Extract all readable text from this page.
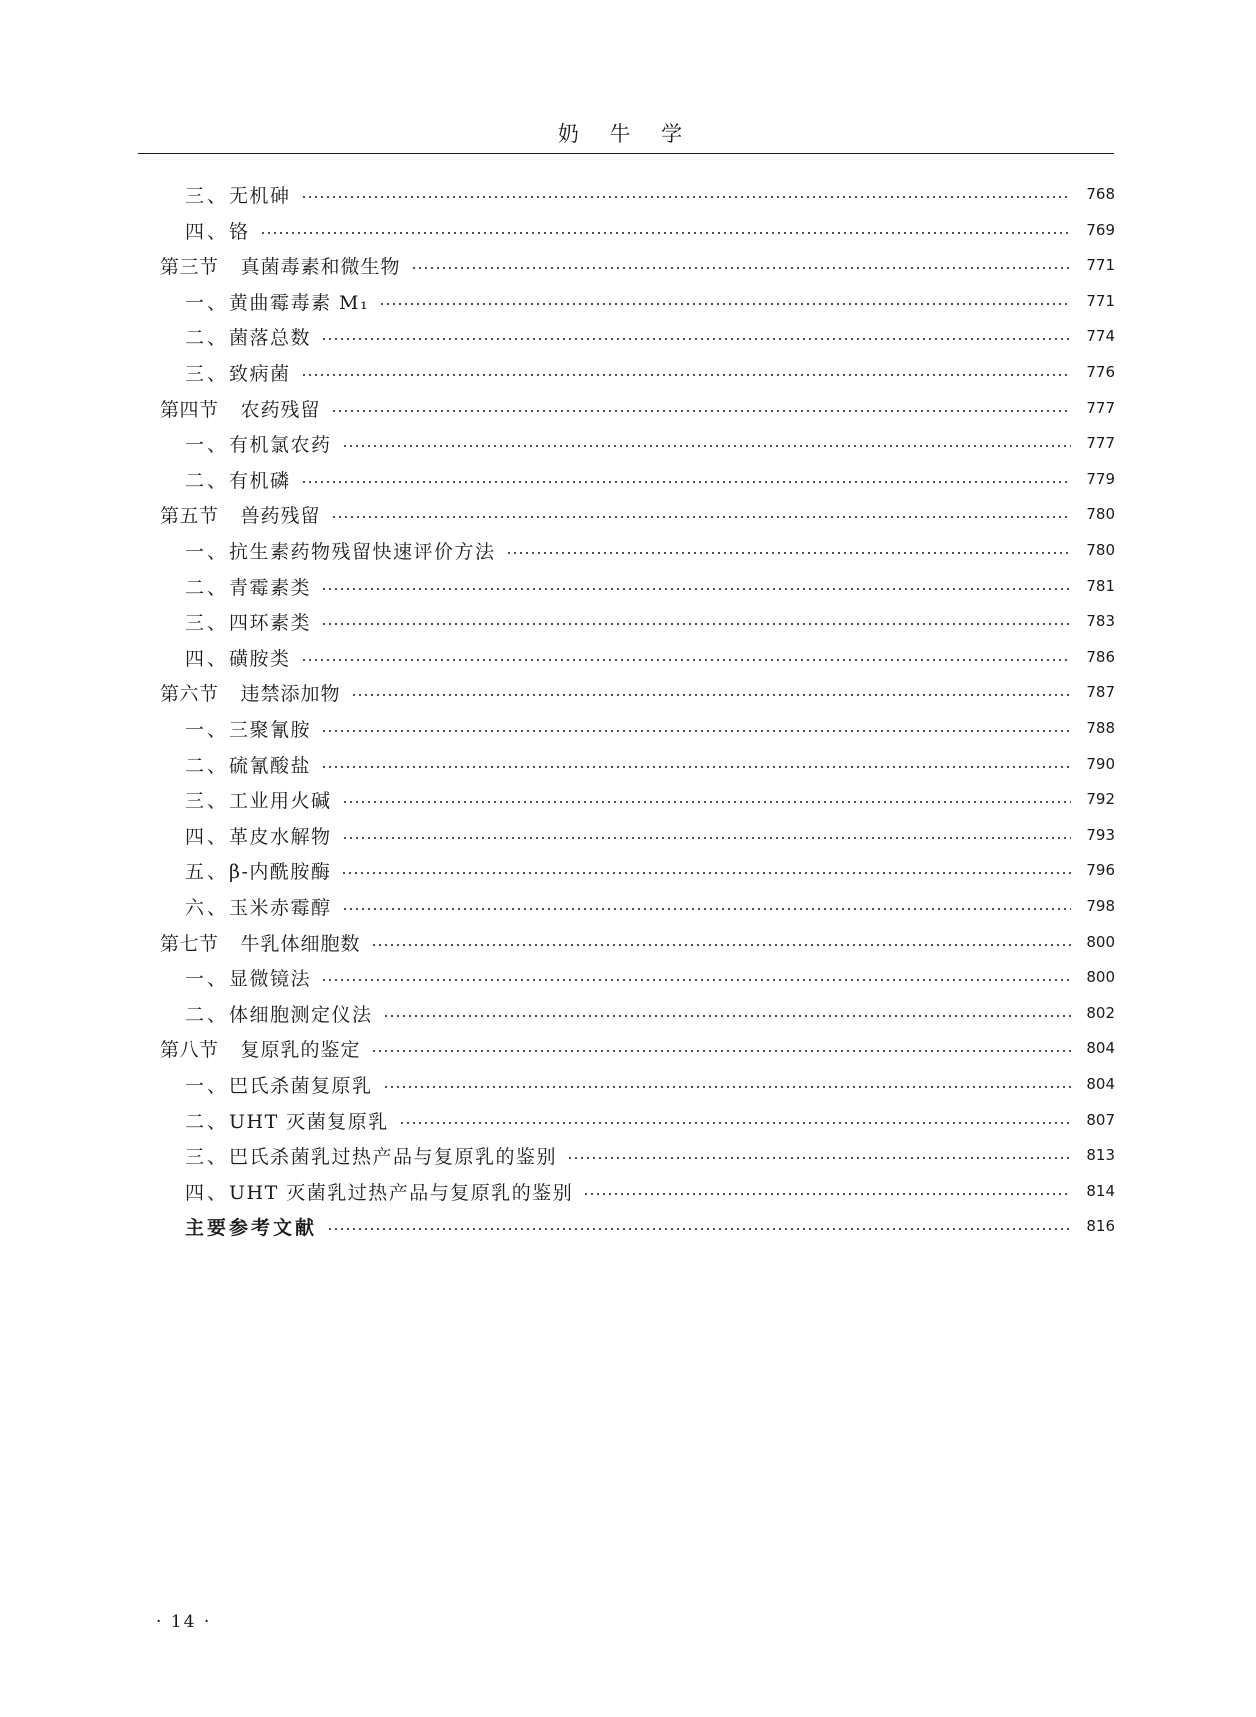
奶 牛 学
三、 无机砷	768
四、 铬	769
第三节 真菌毒素和微生物	771
一、 黄曲霉毒素 M₁	771
二、 菌落总数	774
三、 致病菌	776
第四节 农药残留	777
一、 有机氯农药	777
二、 有机磷	779
第五节 兽药残留	780
一、 抗生素药物残留快速评价方法	780
二、 青霉素类	781
三、 四环素类	783
四、 磺胺类	786
第六节 违禁添加物	787
一、 三聚氰胺	788
二、 硫氰酸盐	790
三、 工业用火碱	792
四、 革皮水解物	793
五、 β-内酰胺酶	796
六、 玉米赤霉醇	798
第七节 牛乳体细胞数	800
一、 显微镜法	800
二、 体细胞测定仪法	802
第八节 复原乳的鉴定	804
一、 巴氏杀菌复原乳	804
二、 UHT 灭菌复原乳	807
三、 巴氏杀菌乳过热产品与复原乳的鉴别	813
四、 UHT 灭菌乳过热产品与复原乳的鉴别	814
主要参考文献	816
· 14 ·
